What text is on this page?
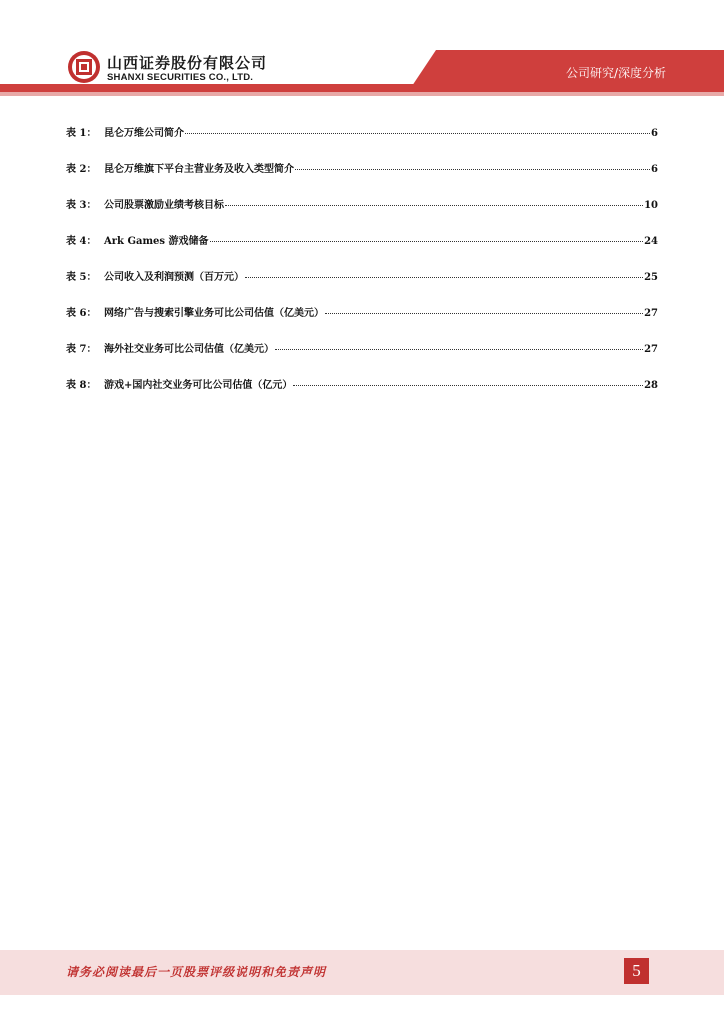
山西证券股份有限公司
SHANXI SECURITIES CO., LTD.	公司研究/深度分析
表 1： 昆仑万维公司简介	6
表 2： 昆仑万维旗下平台主营业务及收入类型简介	6
表 3： 公司股票激励业绩考核目标	10
表 4： Ark Games 游戏储备	24
表 5： 公司收入及利润预测（百万元）	25
表 6： 网络广告与搜索引擎业务可比公司估值（亿美元）	27
表 7： 海外社交业务可比公司估值（亿美元）	27
表 8： 游戏+国内社交业务可比公司估值（亿元）	28
请务必阅读最后一页股票评级说明和免责声明	5
